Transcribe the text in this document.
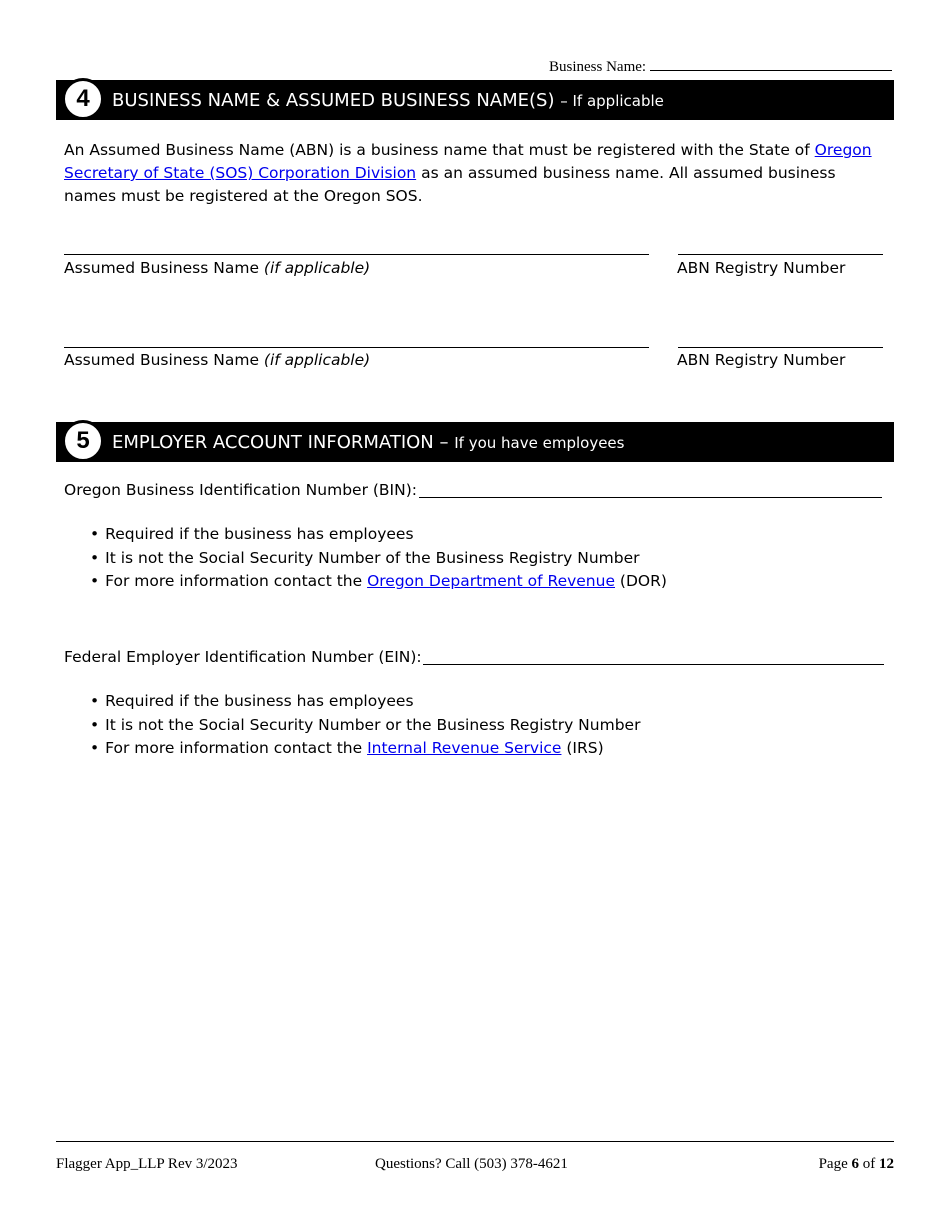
Business Name:
4	BUSINESS NAME & ASSUMED BUSINESS NAME(S) – If applicable
An Assumed Business Name (ABN) is a business name that must be registered with the State of Oregon Secretary of State (SOS) Corporation Division as an assumed business name. All assumed business names must be registered at the Oregon SOS.
Assumed Business Name (if applicable)	ABN Registry Number
Assumed Business Name (if applicable)	ABN Registry Number
5	EMPLOYER ACCOUNT INFORMATION – If you have employees
Oregon Business Identification Number (BIN):
• Required if the business has employees
• It is not the Social Security Number of the Business Registry Number
• For more information contact the Oregon Department of Revenue (DOR)
Federal Employer Identification Number (EIN):
• Required if the business has employees
• It is not the Social Security Number or the Business Registry Number
• For more information contact the Internal Revenue Service (IRS)
Flagger App_LLP Rev 3/2023	Questions? Call (503) 378-4621	Page 6 of 12
